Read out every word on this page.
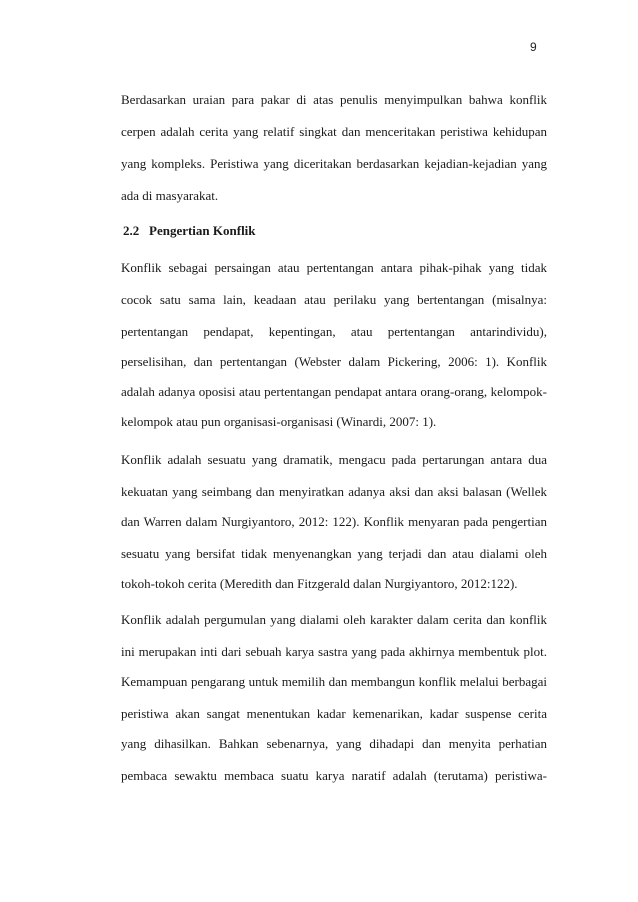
9
Berdasarkan uraian para pakar di atas penulis menyimpulkan bahwa konflik
cerpen adalah cerita yang relatif singkat dan menceritakan peristiwa kehidupan
yang kompleks. Peristiwa yang diceritakan berdasarkan kejadian-kejadian yang
ada di masyarakat.
2.2 Pengertian Konflik
Konflik sebagai persaingan atau pertentangan antara pihak-pihak yang tidak
cocok satu sama lain, keadaan atau perilaku yang bertentangan (misalnya:
pertentangan pendapat, kepentingan, atau pertentangan antarindividu),
perselisihan, dan pertentangan (Webster dalam Pickering, 2006: 1). Konflik
adalah adanya oposisi atau pertentangan pendapat antara orang-orang, kelompok-
kelompok atau pun organisasi-organisasi (Winardi, 2007: 1).
Konflik adalah sesuatu yang dramatik, mengacu pada pertarungan antara dua
kekuatan yang seimbang dan menyiratkan adanya aksi dan aksi balasan (Wellek
dan Warren dalam Nurgiyantoro, 2012: 122). Konflik menyaran pada pengertian
sesuatu yang bersifat tidak menyenangkan yang terjadi dan atau dialami oleh
tokoh-tokoh cerita (Meredith dan Fitzgerald dalan Nurgiyantoro, 2012:122).
Konflik adalah pergumulan yang dialami oleh karakter dalam cerita dan konflik
ini merupakan inti dari sebuah karya sastra yang pada akhirnya membentuk plot.
Kemampuan pengarang untuk memilih dan membangun konflik melalui berbagai
peristiwa akan sangat menentukan kadar kemenarikan, kadar suspense cerita
yang dihasilkan. Bahkan sebenarnya, yang dihadapi dan menyita perhatian
pembaca sewaktu membaca suatu karya naratif adalah (terutama) peristiwa-
